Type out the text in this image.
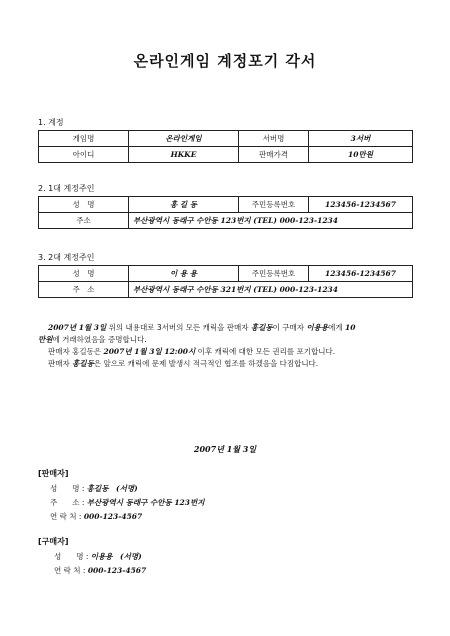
온라인게임 계정포기 각서
1. 계정
게임명	온라인게임	서버명	3서버
아이디	HKKE	판매가격	10만원
2. 1대 계정주인
성　명	홍 길 동	주민등록번호	123456-1234567
주소	부산광역시 동래구 수안동 123번지 (TEL) 000-123-1234		
3. 2대 계정주인
성　명	이 용 용	주민등록번호	123456-1234567
주　소	부산광역시 동래구 수안동 321번지 (TEL) 000-123-1234		
2007년 1월 3일 위의 내용대로 3서버의 모든 캐릭을 판매자 홍길동이 구매자 이용용에게 10
만원에 거래하였음을 증명합니다.
판매자 홍길동은 2007년 1월 3일 12:00시 이후 캐릭에 대한 모든 권리를 포기합니다.
판매자 홍길동은 앞으로 캐릭에 문제 발생시 적극적인 협조를 하겠음을 다짐합니다.
2007년 1월 3일
[판매자]
성　　명 : 홍길동　(서명)
주　　소 : 부산광역시 동래구 수안동 123번지
연 락 처 : 000-123-4567
[구매자]
성　　명 : 이용용　(서명)
연 락 처 : 000-123-4567
